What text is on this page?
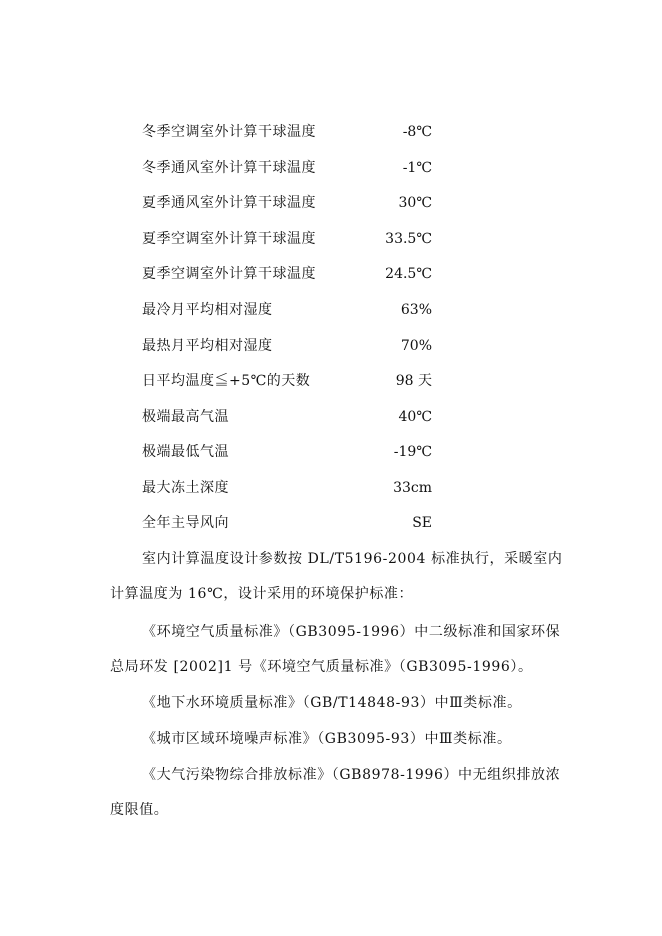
冬季空调室外计算干球温度	-8℃
冬季通风室外计算干球温度	-1℃
夏季通风室外计算干球温度	30℃
夏季空调室外计算干球温度	33.5℃
夏季空调室外计算干球温度	24.5℃
最冷月平均相对湿度	63%
最热月平均相对湿度	70%
日平均温度≦+5℃的天数	98 天
极端最高气温	40℃
极端最低气温	-19℃
最大冻土深度	33cm
全年主导风向	SE
室内计算温度设计参数按 DL/T5196-2004 标准执行，采暖室内
计算温度为 16℃，设计采用的环境保护标准：
《环境空气质量标准》（GB3095-1996）中二级标准和国家环保
总局环发 [2002]1 号《环境空气质量标准》（GB3095-1996）。
《地下水环境质量标准》（GB/T14848-93）中Ⅲ类标准。
《城市区域环境噪声标准》（GB3095-93）中Ⅲ类标准。
《大气污染物综合排放标准》（GB8978-1996）中无组织排放浓
度限值。
